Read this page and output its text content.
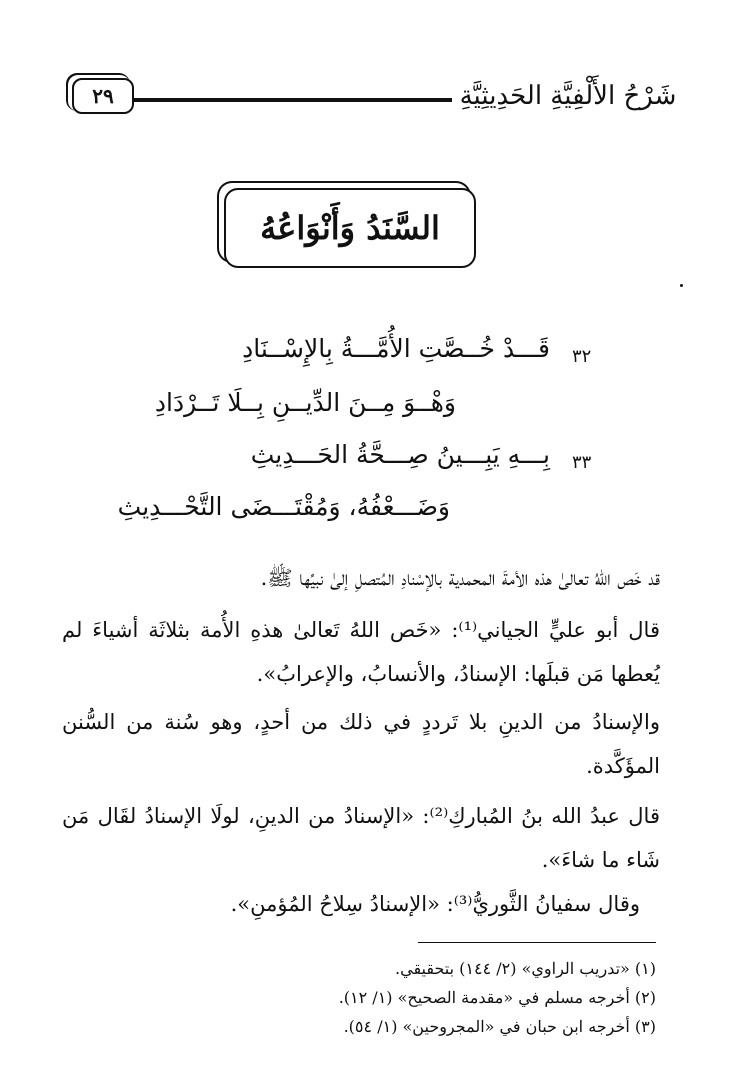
٢٩	شَرْحُ الأَلْفِيَّةِ الحَدِيثِيَّةِ
السَّنَدُ وَأَنْوَاعُهُ
٣٢
قَـــدْ خُــصَّتِ الأُمَّـــةُ بِالإِسْــنَادِ
وَهْــوَ مِــنَ الدِّيــنِ بِــلَا تَــرْدَادِ
٣٣
بِـــهِ يَبِـــينُ صِـــحَّةُ الحَـــدِيثِ
وَضَـــعْفُهُ، وَمُقْتَـــضَى التَّحْـــدِيثِ
قد خَص اللهُ تعالىٰ هذه الأمةَ المحمدية بالإسْنادِ المُتصلِ إلىٰ نبيِّها ﷺ.
قال أبو عليٍّ الجياني⁽¹⁾: «خَص اللهُ تَعالىٰ هذهِ الأُمة بثلاثَة أشياءَ لم يُعطها مَن قبلَها: الإسنادُ، والأنسابُ، والإعرابُ».
والإسنادُ من الدينِ بلا تَرددٍ في ذلك من أحدٍ، وهو سُنة من السُّنن المؤَكَّدة.
قال عبدُ الله بنُ المُباركِ⁽²⁾: «الإسنادُ من الدينِ، لولَا الإسنادُ لقَال مَن شَاء ما شاءَ».
وقال سفيانُ الثَّوريُّ⁽³⁾: «الإسنادُ سِلاحُ المُؤمنِ».
(١) «تدريب الراوي» (٢/ ١٤٤) بتحقيقي.
(٢) أخرجه مسلم في «مقدمة الصحيح» (١/ ١٢).
(٣) أخرجه ابن حبان في «المجروحين» (١/ ٥٤).
